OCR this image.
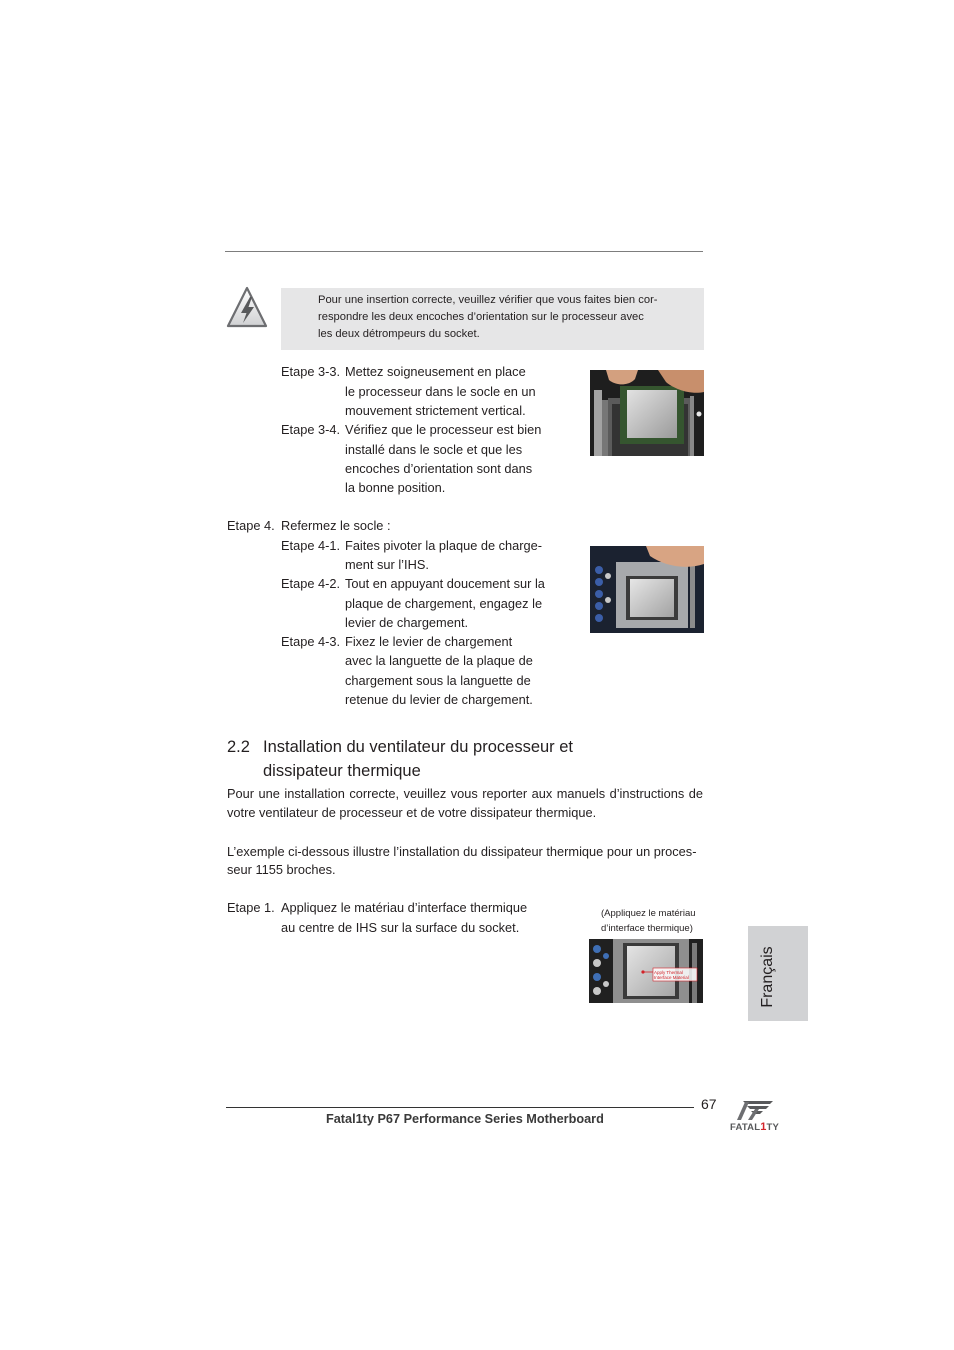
Pour une insertion correcte, veuillez vérifier que vous faites bien cor-
respondre les deux encoches d’orientation sur le processeur avec
les deux détrompeurs du socket.
Etape 3-3. Mettez soigneusement en place
le processeur dans le socle en un
mouvement strictement vertical.
Etape 3-4. Vérifiez que le processeur est bien
installé dans le socle et que les
encoches d’orientation sont dans
la bonne position.
Etape 4. Refermez le socle :
Etape 4-1. Faites pivoter la plaque de charge-
ment sur l’IHS.
Etape 4-2. Tout en appuyant doucement sur la
plaque de chargement, engagez le
levier de chargement.
Etape 4-3. Fixez le levier de chargement
avec la languette de la plaque de
chargement sous la languette de
retenue du levier de chargement.
2.2 Installation du ventilateur du processeur et
dissipateur thermique
Pour une installation correcte, veuillez vous reporter aux manuels d’instructions de
votre ventilateur de processeur et de votre dissipateur thermique.
L’exemple ci-dessous illustre l’installation du dissipateur thermique pour un proces-
seur 1155 broches.
Etape 1. Appliquez le matériau d’interface thermique
au centre de IHS sur la surface du socket.
(Appliquez le matériau
d’interface thermique)
Apply Thermal
Interface Material	Français
67
Fatal1ty P67 Performance Series Motherboard
FATAL1TY
